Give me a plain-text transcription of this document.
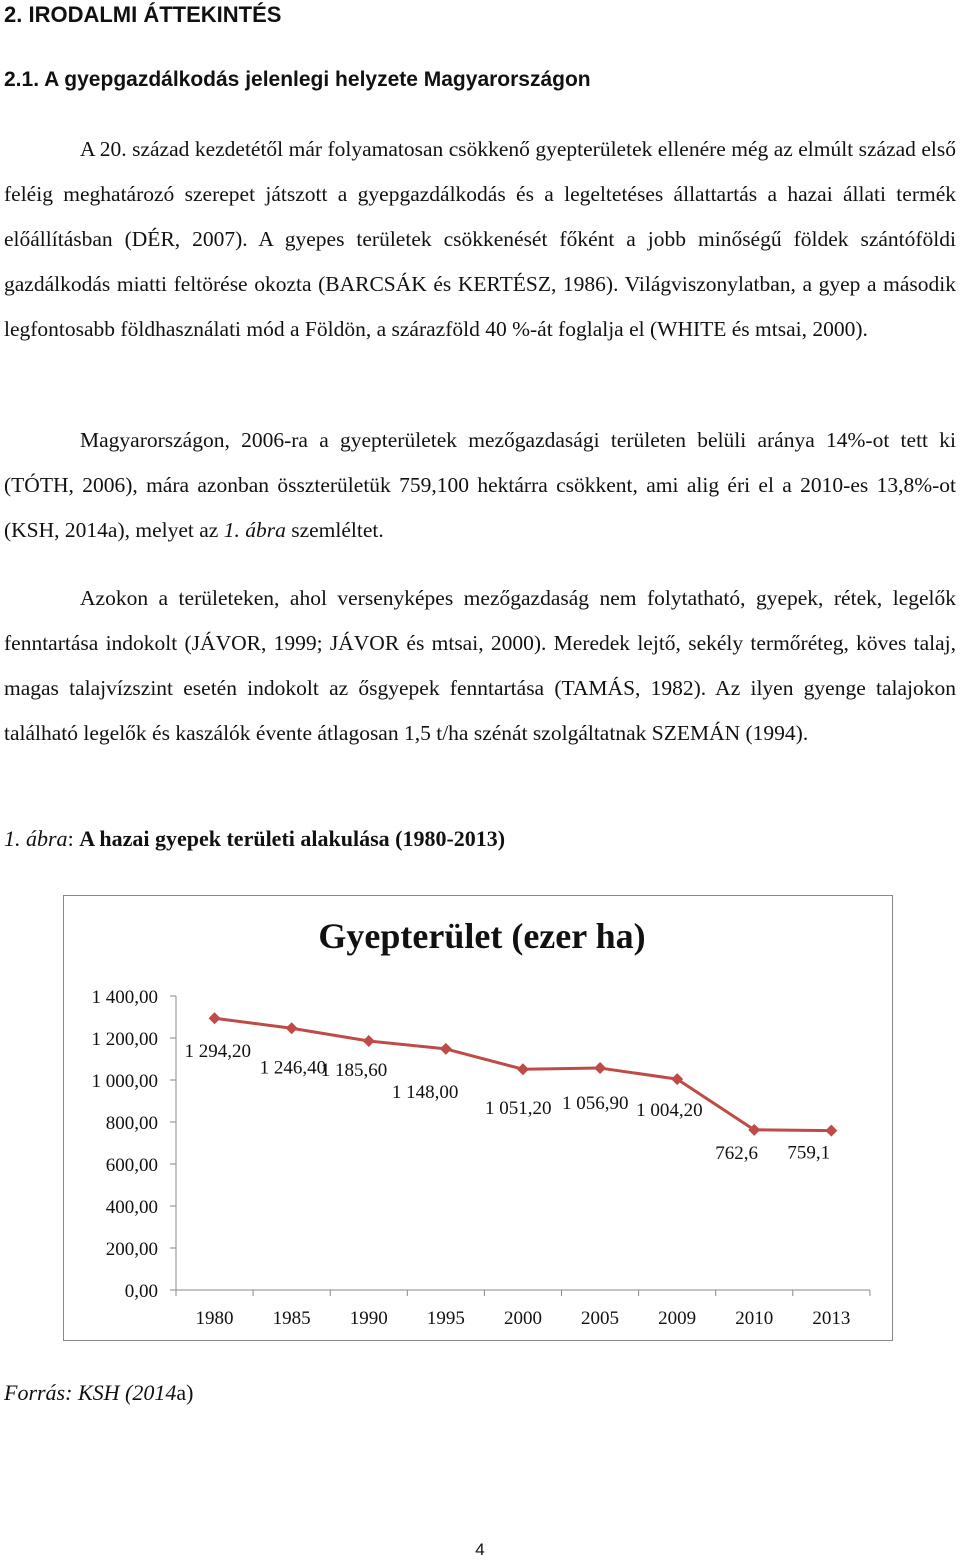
2. IRODALMI ÁTTEKINTÉS
2.1. A gyepgazdálkodás jelenlegi helyzete Magyarországon

A 20. század kezdetétől már folyamatosan csökkenő gyepterületek ellenére még az elmúlt század első feléig meghatározó szerepet játszott a gyepgazdálkodás és a legeltetéses állattartás a hazai állati termék előállításban (DÉR, 2007). A gyepes területek csökkenését főként a jobb minőségű földek szántóföldi gazdálkodás miatti feltörése okozta (BARCSÁK és KERTÉSZ, 1986). Világviszonylatban, a gyep a második legfontosabb földhasználati mód a Földön, a szárazföld 40 %-át foglalja el (WHITE és mtsai, 2000).

Magyarországon, 2006-ra a gyepterületek mezőgazdasági területen belüli aránya 14%-ot tett ki (TÓTH, 2006), mára azonban összterületük 759,100 hektárra csökkent, ami alig éri el a 2010-es 13,8%-ot (KSH, 2014a), melyet az 1. ábra szemléltet.

Azokon a területeken, ahol versenyképes mezőgazdaság nem folytatható, gyepek, rétek, legelők fenntartása indokolt (JÁVOR, 1999; JÁVOR és mtsai, 2000). Meredek lejtő, sekély termőréteg, köves talaj, magas talajvízszint esetén indokolt az ősgyepek fenntartása (TAMÁS, 1982). Az ilyen gyenge talajokon található legelők és kaszálók évente átlagosan 1,5 t/ha szénát szolgáltatnak SZEMÁN (1994).

1. ábra: A hazai gyepek területi alakulása (1980-2013)
Gyepterület (ezer ha)
0,00
200,00
400,00
600,00
800,00
1 000,00
1 200,00
1 400,00
1980 1985 1990 1995 2000 2005 2009 2010 2013
1 294,20
1 246,40
1 185,60
1 148,00
1 051,20 1 056,90 1 004,20
762,6 759,1
Forrás: KSH (2014a)
4
